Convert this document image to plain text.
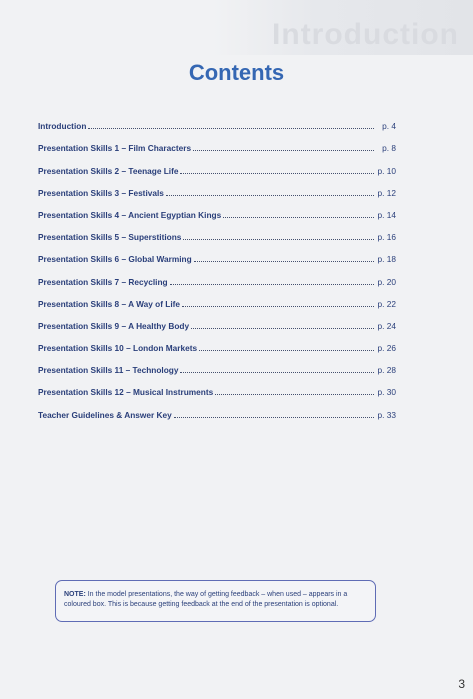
Introduction
Contents
Introduction	p. 4
Presentation Skills 1 – Film Characters	p. 8
Presentation Skills 2 – Teenage Life	p. 10
Presentation Skills 3 – Festivals	p. 12
Presentation Skills 4 – Ancient Egyptian Kings	p. 14
Presentation Skills 5 – Superstitions	p. 16
Presentation Skills 6 – Global Warming	p. 18
Presentation Skills 7 – Recycling	p. 20
Presentation Skills 8 – A Way of Life	p. 22
Presentation Skills 9 – A Healthy Body	p. 24
Presentation Skills 10 – London Markets	p. 26
Presentation Skills 11 – Technology	p. 28
Presentation Skills 12 – Musical Instruments	p. 30
Teacher Guidelines & Answer Key	p. 33
NOTE: In the model presentations, the way of getting feedback – when used – appears in a coloured box. This is because getting feedback at the end of the presentation is optional.
3
